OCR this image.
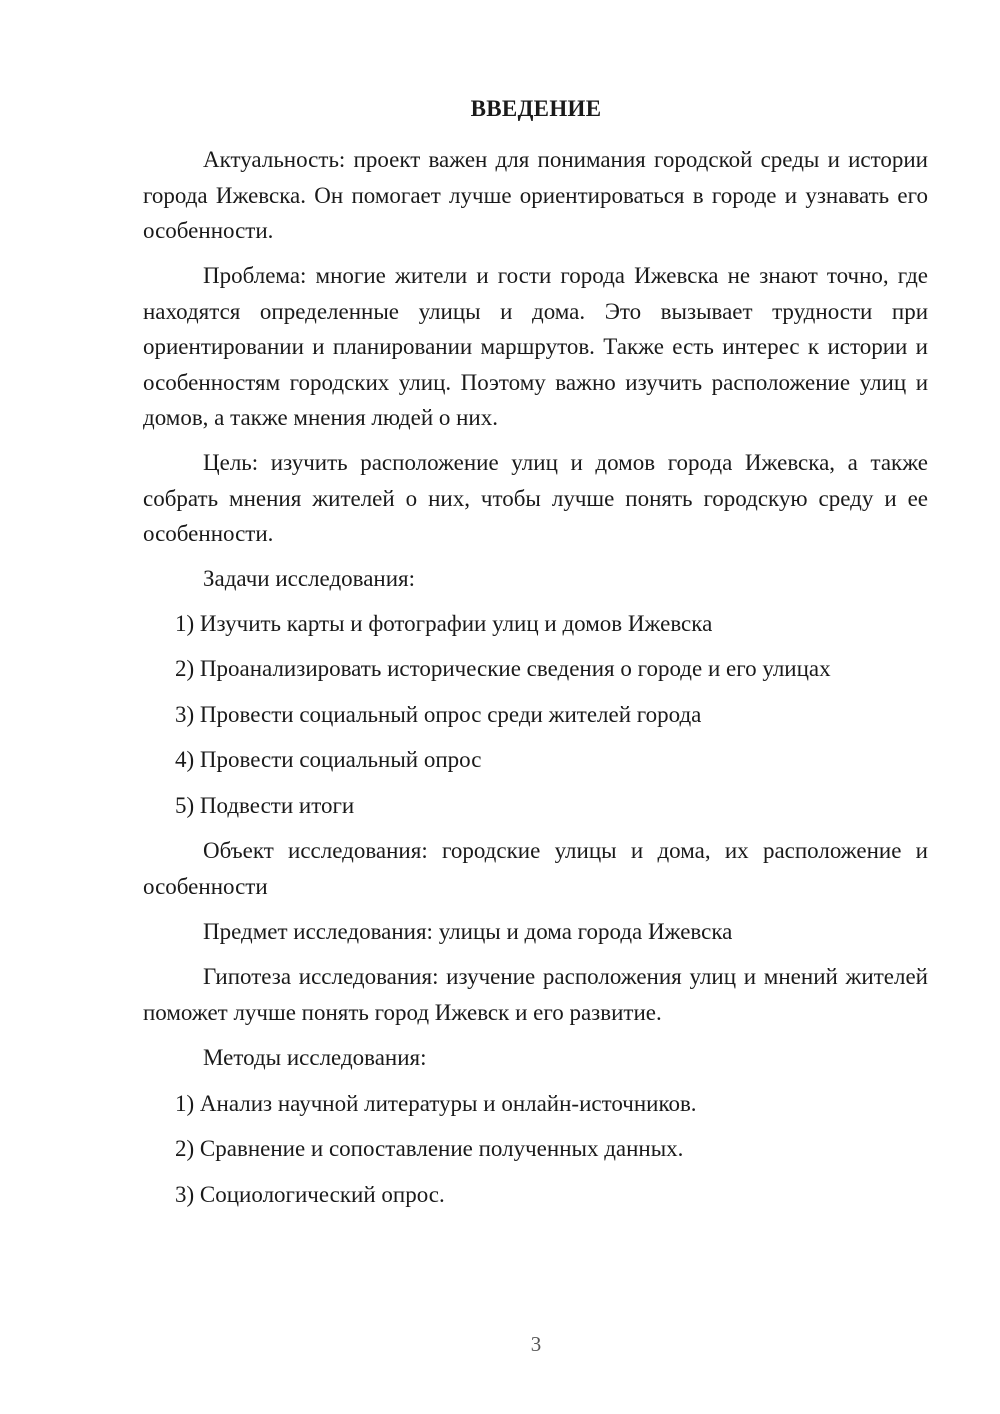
ВВЕДЕНИЕ

Актуальность: проект важен для понимания городской среды и истории города Ижевска. Он помогает лучше ориентироваться в городе и узнавать его особенности.

Проблема: многие жители и гости города Ижевска не знают точно, где находятся определенные улицы и дома. Это вызывает трудности при ориентировании и планировании маршрутов. Также есть интерес к истории и особенностям городских улиц. Поэтому важно изучить расположение улиц и домов, а также мнения людей о них.

Цель: изучить расположение улиц и домов города Ижевска, а также собрать мнения жителей о них, чтобы лучше понять городскую среду и ее особенности.

Задачи исследования:

1) Изучить карты и фотографии улиц и домов Ижевска

2) Проанализировать исторические сведения о городе и его улицах

3) Провести социальный опрос среди жителей города

4) Провести социальный опрос

5) Подвести итоги

Объект исследования: городские улицы и дома, их расположение и особенности

Предмет исследования: улицы и дома города Ижевска

Гипотеза исследования: изучение расположения улиц и мнений жителей поможет лучше понять город Ижевск и его развитие.

Методы исследования:

1) Анализ научной литературы и онлайн-источников.

2) Сравнение и сопоставление полученных данных.

3) Социологический опрос.

3
